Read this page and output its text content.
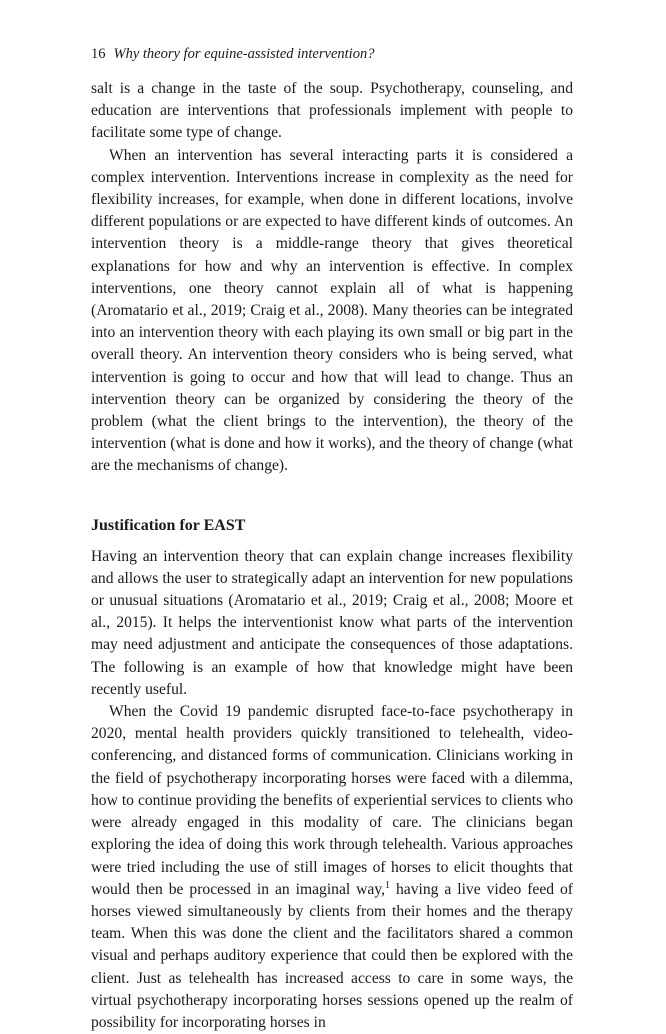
16 Why theory for equine-assisted intervention?

salt is a change in the taste of the soup. Psychotherapy, counseling, and education are interventions that professionals implement with people to facilitate some type of change.

When an intervention has several interacting parts it is considered a complex intervention. Interventions increase in complexity as the need for flexibility increases, for example, when done in different locations, involve different populations or are expected to have different kinds of outcomes. An intervention theory is a middle-range theory that gives theoretical explanations for how and why an intervention is effective. In complex interventions, one theory cannot explain all of what is happening (Aromatario et al., 2019; Craig et al., 2008). Many theories can be integrated into an intervention theory with each playing its own small or big part in the overall theory. An intervention theory considers who is being served, what intervention is going to occur and how that will lead to change. Thus an intervention theory can be organized by considering the theory of the problem (what the client brings to the intervention), the theory of the intervention (what is done and how it works), and the theory of change (what are the mechanisms of change).

Justification for EAST

Having an intervention theory that can explain change increases flexibility and allows the user to strategically adapt an intervention for new populations or unusual situations (Aromatario et al., 2019; Craig et al., 2008; Moore et al., 2015). It helps the interventionist know what parts of the intervention may need adjustment and anticipate the consequences of those adaptations. The following is an example of how that knowledge might have been recently useful.

When the Covid 19 pandemic disrupted face-to-face psychotherapy in 2020, mental health providers quickly transitioned to telehealth, videoconferencing, and distanced forms of communication. Clinicians working in the field of psychotherapy incorporating horses were faced with a dilemma, how to continue providing the benefits of experiential services to clients who were already engaged in this modality of care. The clinicians began exploring the idea of doing this work through telehealth. Various approaches were tried including the use of still images of horses to elicit thoughts that would then be processed in an imaginal way,$^1$ having a live video feed of horses viewed simultaneously by clients from their homes and the therapy team. When this was done the client and the facilitators shared a common visual and perhaps auditory experience that could then be explored with the client. Just as telehealth has increased access to care in some ways, the virtual psychotherapy incorporating horses sessions opened up the realm of possibility for incorporating horses in
